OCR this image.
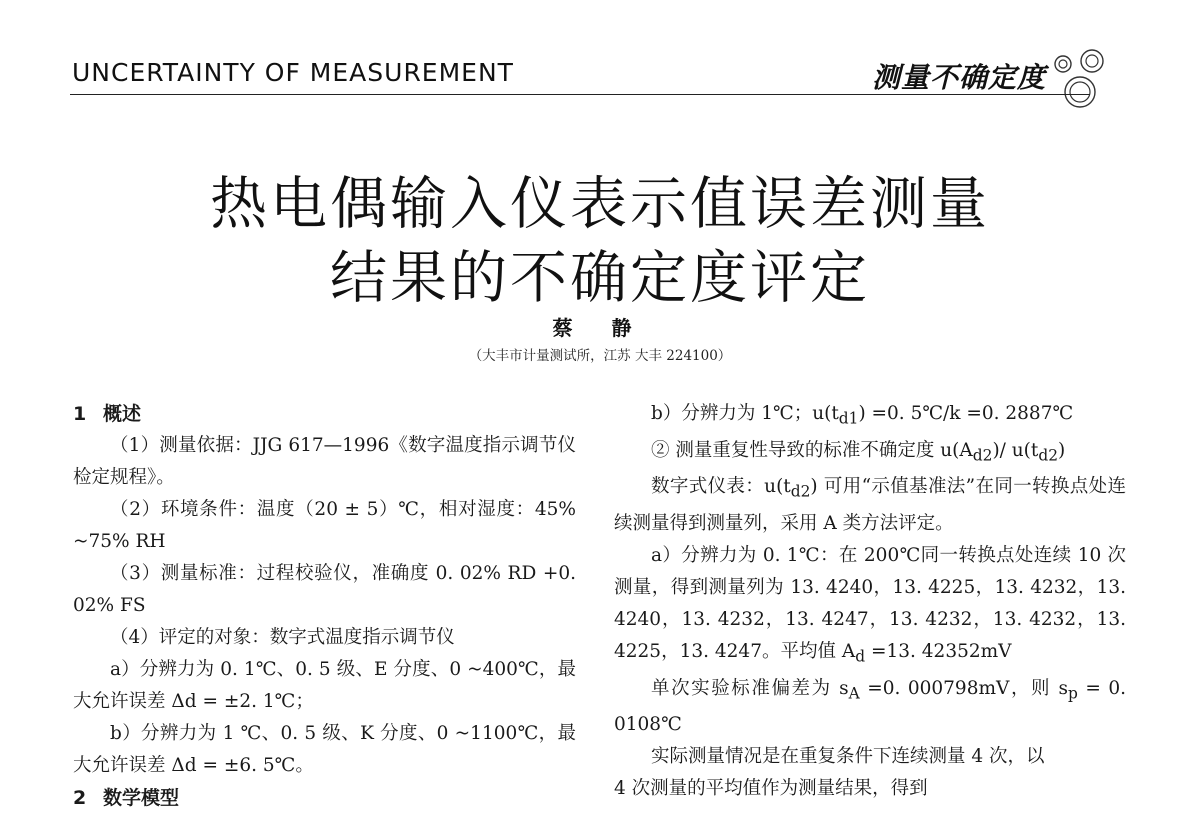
UNCERTAINTY OF MEASUREMENT	测量不确定度
热电偶输入仪表示值误差测量
结果的不确定度评定
蔡 静
（大丰市计量测试所，江苏 大丰 224100）

1 概述

（1）测量依据：JJG 617—1996《数字温度指示调节仪检定规程》。

（2）环境条件：温度（20 ± 5）℃，相对湿度：45% ~75% RH

（3）测量标准：过程校验仪，准确度 0. 02% RD +0. 02% FS

（4）评定的对象：数字式温度指示调节仪

a）分辨力为 0. 1℃、0. 5 级、E 分度、0 ~400℃，最大允许误差 Δd = ±2. 1℃；

b）分辨力为 1 ℃、0. 5 级、K 分度、0 ~1100℃，最大允许误差 Δd = ±6. 5℃。

2 数学模型

b）分辨力为 1℃；$u(t_{d1}) =0$. 5℃/k =0. 2887℃

② 测量重复性导致的标准不确定度 $u(A_{d2})/$ $u(t_{d2})$

数字式仪表：$u(t_{d2})$ 可用“示值基准法”在同一转换点处连续测量得到测量列，采用 A 类方法评定。

a）分辨力为 0. 1℃：在 200℃同一转换点处连续 10 次测量，得到测量列为 13. 4240，13. 4225，13. 4232，13. 4240，13. 4232，13. 4247，13. 4232，13. 4232，13. 4225，13. 4247。平均值 $A_d =13$. 42352mV

单次实验标准偏差为 $s_A =0$. 000798mV，则 $s_p = 0$. 0108℃

实际测量情况是在重复条件下连续测量 4 次，以

4 次测量的平均值作为测量结果，得到
